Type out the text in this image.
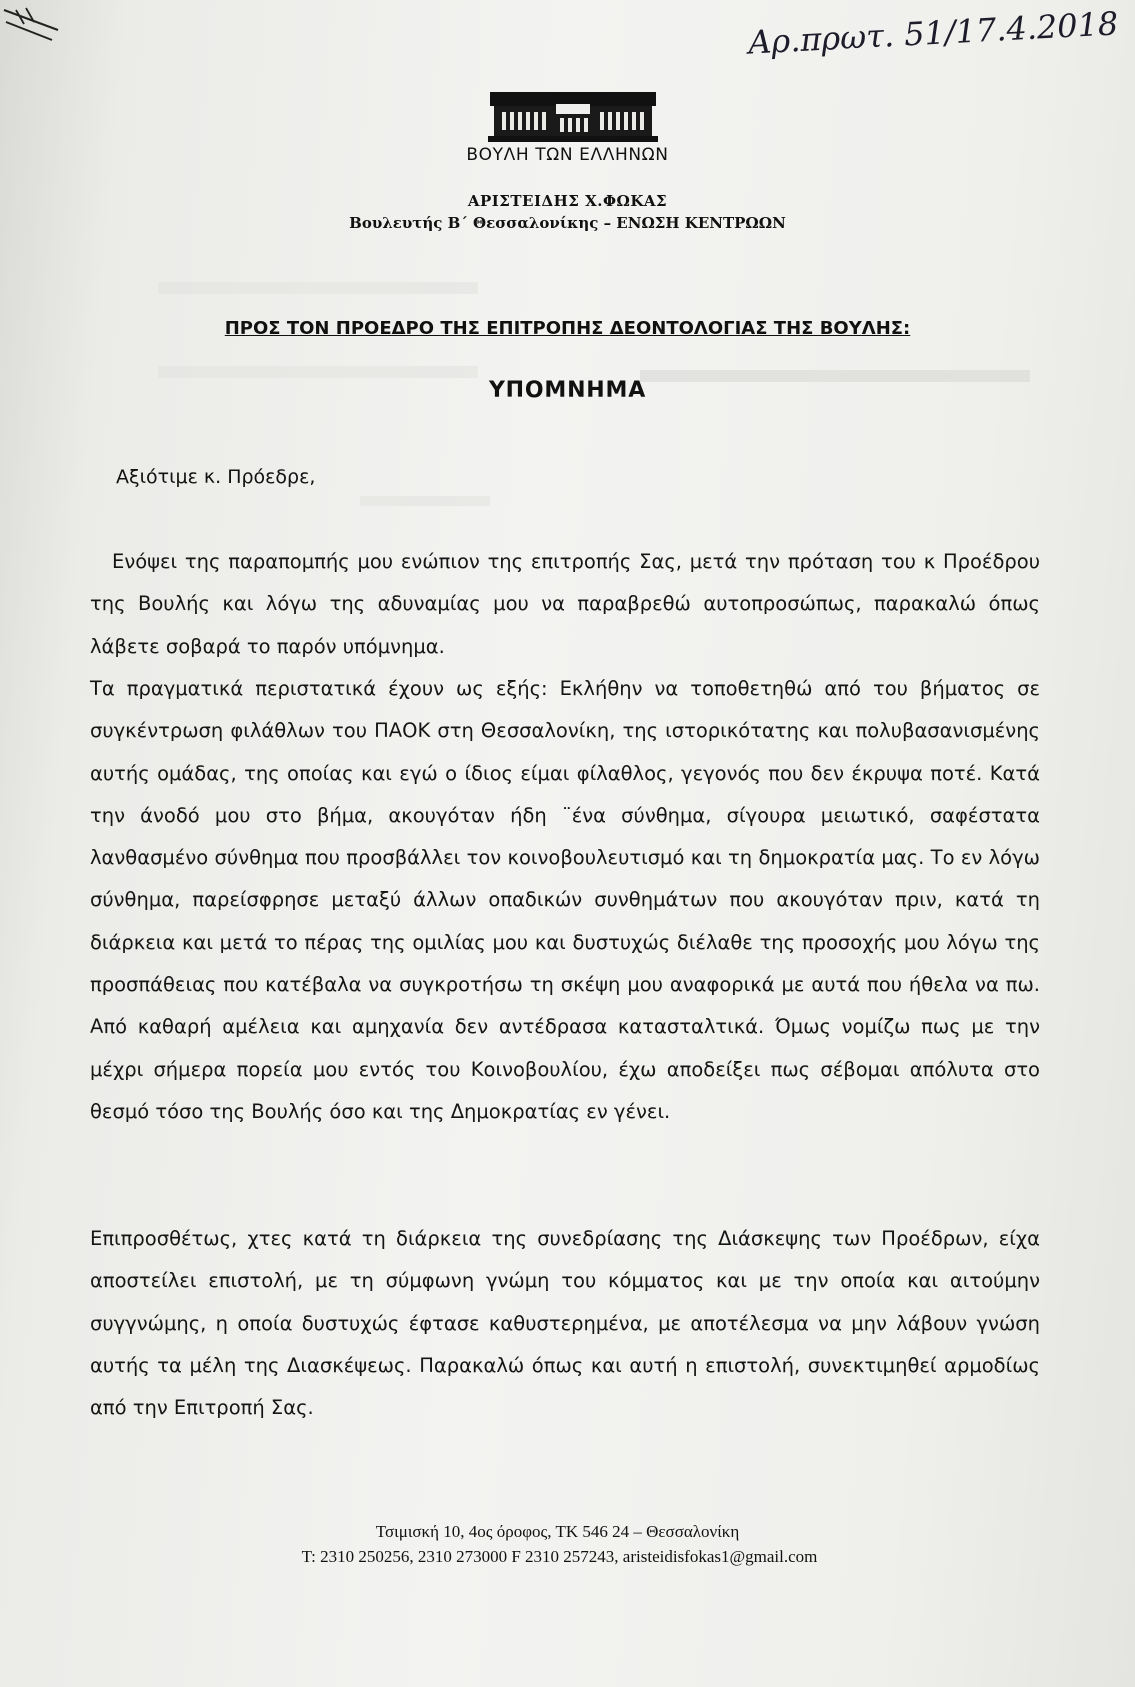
Αρ.πρωτ. 51/17.4.2018
ΒΟΥΛΗ ΤΩΝ ΕΛΛΗΝΩΝ
ΑΡΙΣΤΕΙΔΗΣ Χ.ΦΩΚΑΣ
Βουλευτής Β΄ Θεσσαλονίκης – ΕΝΩΣΗ ΚΕΝΤΡΩΩΝ
ΠΡΟΣ ΤΟΝ ΠΡΟΕΔΡΟ ΤΗΣ ΕΠΙΤΡΟΠΗΣ ΔΕΟΝΤΟΛΟΓΙΑΣ ΤΗΣ ΒΟΥΛΗΣ:
ΥΠΟΜΝΗΜΑ
Αξιότιμε κ. Πρόεδρε,

Ενόψει της παραπομπής μου ενώπιον της επιτροπής Σας, μετά την πρόταση του κ Προέδρου της Βουλής και λόγω της αδυναμίας μου να παραβρεθώ αυτοπροσώπως, παρακαλώ όπως λάβετε σοβαρά το παρόν υπόμνημα.

Τα πραγματικά περιστατικά έχουν ως εξής: Εκλήθην να τοποθετηθώ από του βήματος σε συγκέντρωση φιλάθλων του ΠΑΟΚ στη Θεσσαλονίκη, της ιστορικότατης και πολυβασανισμένης αυτής ομάδας, της οποίας και εγώ ο ίδιος είμαι φίλαθλος, γεγονός που δεν έκρυψα ποτέ. Κατά την άνοδό μου στο βήμα, ακουγόταν ήδη ¨ένα σύνθημα, σίγουρα μειωτικό, σαφέστατα λανθασμένο σύνθημα που προσβάλλει τον κοινοβουλευτισμό και τη δημοκρατία μας. Το εν λόγω σύνθημα, παρείσφρησε μεταξύ άλλων οπαδικών συνθημάτων που ακουγόταν πριν, κατά τη διάρκεια και μετά το πέρας της ομιλίας μου και δυστυχώς διέλαθε της προσοχής μου λόγω της προσπάθειας που κατέβαλα να συγκροτήσω τη σκέψη μου αναφορικά με αυτά που ήθελα να πω. Από καθαρή αμέλεια και αμηχανία δεν αντέδρασα κατασταλτικά. Όμως νομίζω πως με την μέχρι σήμερα πορεία μου εντός του Κοινοβουλίου, έχω αποδείξει πως σέβομαι απόλυτα στο θεσμό τόσο της Βουλής όσο και της Δημοκρατίας εν γένει.

Επιπροσθέτως, χτες κατά τη διάρκεια της συνεδρίασης της Διάσκεψης των Προέδρων, είχα αποστείλει επιστολή, με τη σύμφωνη γνώμη του κόμματος και με την οποία και αιτούμην συγγνώμης, η οποία δυστυχώς έφτασε καθυστερημένα, με αποτέλεσμα να μην λάβουν γνώση αυτής τα μέλη της Διασκέψεως. Παρακαλώ όπως και αυτή η επιστολή, συνεκτιμηθεί αρμοδίως από την Επιτροπή Σας.

Τσιμισκή 10, 4ος όροφος, ΤΚ 546 24 – Θεσσαλονίκη
Τ: 2310 250256, 2310 273000 F 2310 257243, aristeidisfokas1@gmail.com
